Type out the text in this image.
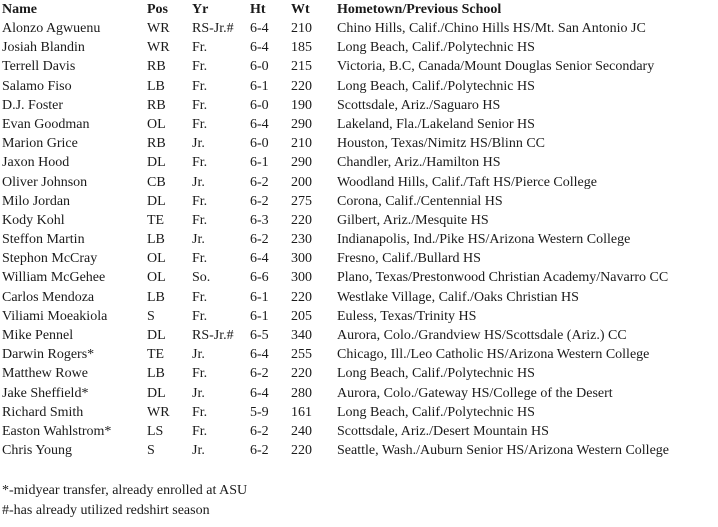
Name	Pos Yr	Ht Wt Hometown/Previous School
Alonzo Agwuenu	WR RS-Jr.# 6-4 210 Chino Hills, Calif./Chino Hills HS/Mt. San Antonio JC
Josiah Blandin	WR Fr.	6-4 185 Long Beach, Calif./Polytechnic HS
Terrell Davis	RB Fr.	6-0 215 Victoria, B.C, Canada/Mount Douglas Senior Secondary
Salamo Fiso	LB Fr.	6-1 220 Long Beach, Calif./Polytechnic HS
D.J. Foster	RB Fr.	6-0 190 Scottsdale, Ariz./Saguaro HS
Evan Goodman	OL Fr.	6-4 290 Lakeland, Fla./Lakeland Senior HS
Marion Grice	RB Jr.	6-0 210 Houston, Texas/Nimitz HS/Blinn CC
Jaxon Hood	DL Fr.	6-1 290 Chandler, Ariz./Hamilton HS
Oliver Johnson	CB Jr.	6-2 200 Woodland Hills, Calif./Taft HS/Pierce College
Milo Jordan	DL Fr.	6-2 275 Corona, Calif./Centennial HS
Kody Kohl	TE Fr.	6-3 220 Gilbert, Ariz./Mesquite HS
Steffon Martin	LB Jr.	6-2 230 Indianapolis, Ind./Pike HS/Arizona Western College
Stephon McCray	OL Fr.	6-4 300 Fresno, Calif./Bullard HS
William McGehee	OL So.	6-6 300 Plano, Texas/Prestonwood Christian Academy/Navarro CC
Carlos Mendoza	LB Fr.	6-1 220 Westlake Village, Calif./Oaks Christian HS
Viliami Moeakiola	S	Fr.	6-1 205 Euless, Texas/Trinity HS
Mike Pennel	DL RS-Jr.# 6-5 340 Aurora, Colo./Grandview HS/Scottsdale (Ariz.) CC
Darwin Rogers*	TE Jr.	6-4 255 Chicago, Ill./Leo Catholic HS/Arizona Western College
Matthew Rowe	LB Fr.	6-2 220 Long Beach, Calif./Polytechnic HS
Jake Sheffield*	DL Jr.	6-4 280 Aurora, Colo./Gateway HS/College of the Desert
Richard Smith	WR Fr.	5-9 161 Long Beach, Calif./Polytechnic HS
Easton Wahlstrom*	LS Fr.	6-2 240 Scottsdale, Ariz./Desert Mountain HS
Chris Young	S	Jr.	6-2 220 Seattle, Wash./Auburn Senior HS/Arizona Western College
*-midyear transfer, already enrolled at ASU
#-has already utilized redshirt season
